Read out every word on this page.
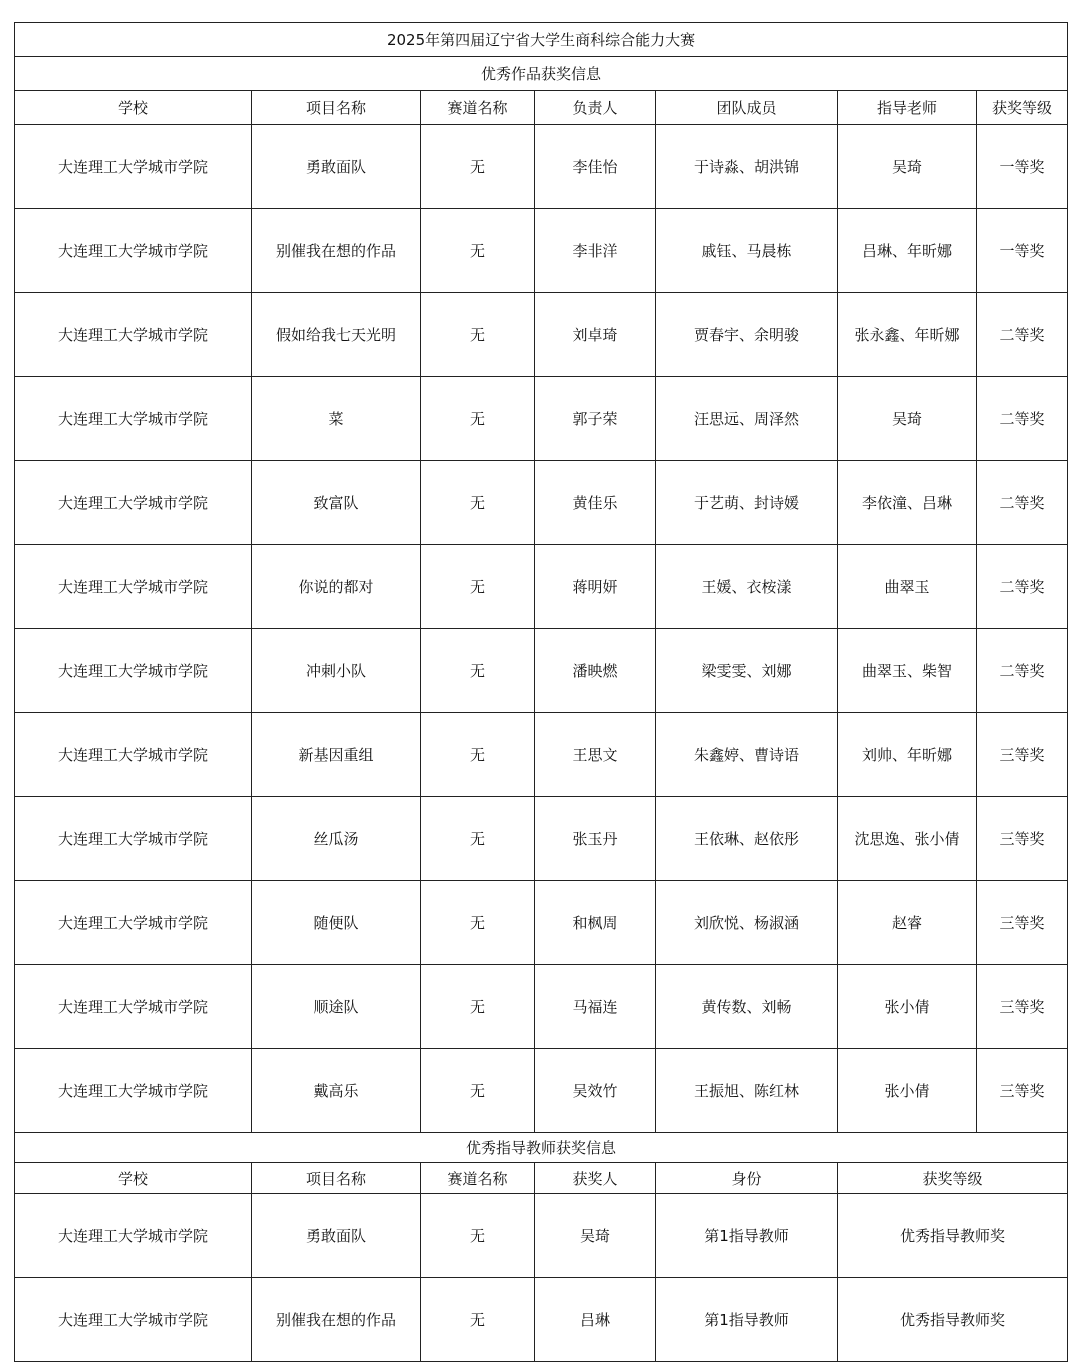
2025年第四届辽宁省大学生商科综合能力大赛						
优秀作品获奖信息						
学校	项目名称	赛道名称	负责人	团队成员	指导老师	获奖等级
大连理工大学城市学院	勇敢面队	无	李佳怡	于诗淼、胡洪锦	吴琦	一等奖
大连理工大学城市学院	别催我在想的作品	无	李非洋	戚钰、马晨栋	吕琳、年昕娜	一等奖
大连理工大学城市学院	假如给我七天光明	无	刘卓琦	贾春宇、余明骏	张永鑫、年昕娜	二等奖
大连理工大学城市学院	菜	无	郭子荣	汪思远、周泽然	吴琦	二等奖
大连理工大学城市学院	致富队	无	黄佳乐	于艺萌、封诗媛	李依潼、吕琳	二等奖
大连理工大学城市学院	你说的都对	无	蒋明妍	王媛、衣桉漾	曲翠玉	二等奖
大连理工大学城市学院	冲刺小队	无	潘映燃	梁雯雯、刘娜	曲翠玉、柴智	二等奖
大连理工大学城市学院	新基因重组	无	王思文	朱鑫婷、曹诗语	刘帅、年昕娜	三等奖
大连理工大学城市学院	丝瓜汤	无	张玉丹	王依琳、赵依彤	沈思逸、张小倩	三等奖
大连理工大学城市学院	随便队	无	和枫周	刘欣悦、杨淑涵	赵睿	三等奖
大连理工大学城市学院	顺途队	无	马福连	黄传数、刘畅	张小倩	三等奖
大连理工大学城市学院	戴高乐	无	吴效竹	王振旭、陈红林	张小倩	三等奖
优秀指导教师获奖信息						
学校	项目名称	赛道名称	获奖人	身份	获奖等级	
大连理工大学城市学院	勇敢面队	无	吴琦	第1指导教师	优秀指导教师奖	
大连理工大学城市学院	别催我在想的作品	无	吕琳	第1指导教师	优秀指导教师奖	
